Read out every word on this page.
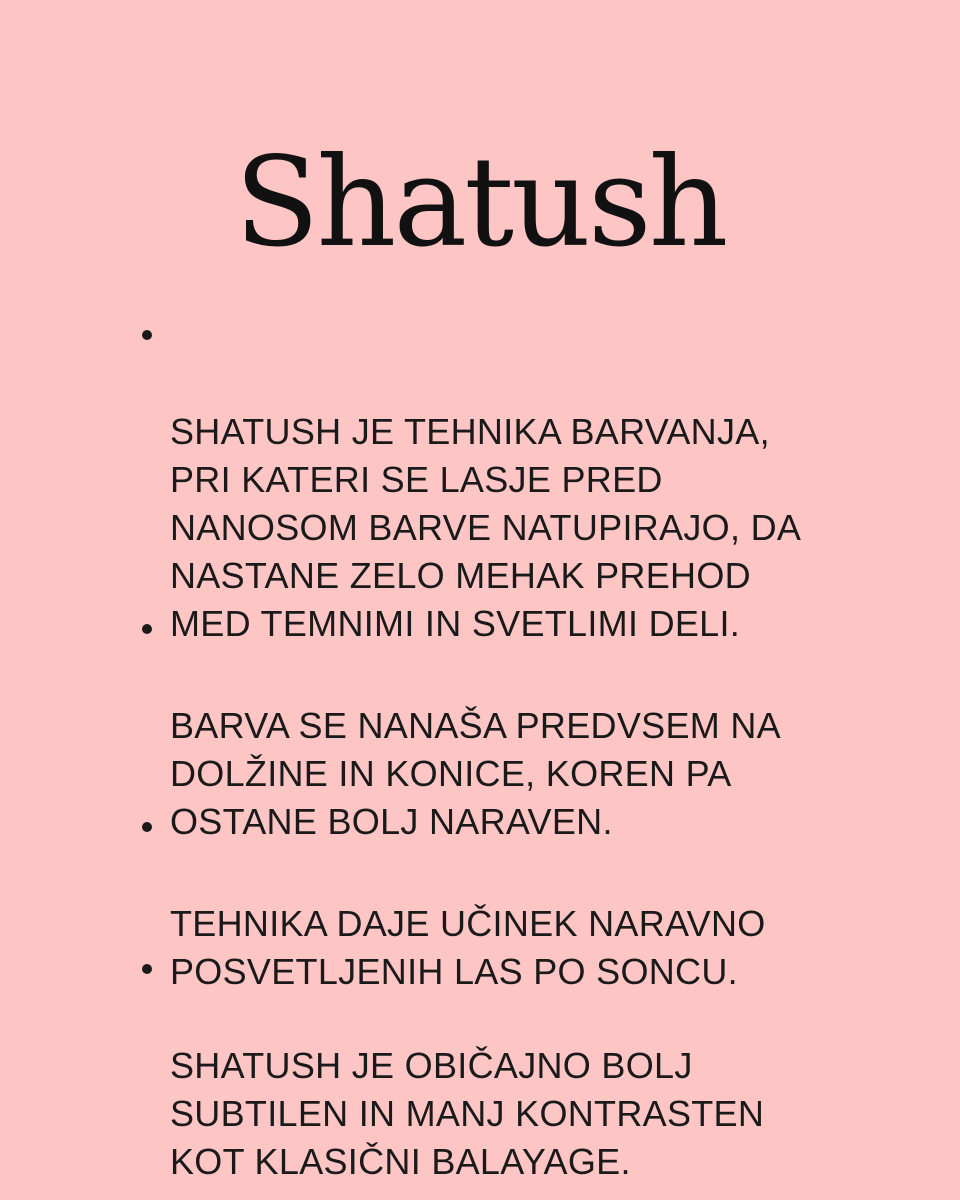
Shatush

SHATUSH JE TEHNIKA BARVANJA,
PRI KATERI SE LASJE PRED
NANOSOM BARVE NATUPIRAJO, DA
NASTANE ZELO MEHAK PREHOD
MED TEMNIMI IN SVETLIMI DELI.

BARVA SE NANAŠA PREDVSEM NA
DOLŽINE IN KONICE, KOREN PA
OSTANE BOLJ NARAVEN.

TEHNIKA DAJE UČINEK NARAVNO
POSVETLJENIH LAS PO SONCU.

SHATUSH JE OBIČAJNO BOLJ
SUBTILEN IN MANJ KONTRASTEN
KOT KLASIČNI BALAYAGE.
